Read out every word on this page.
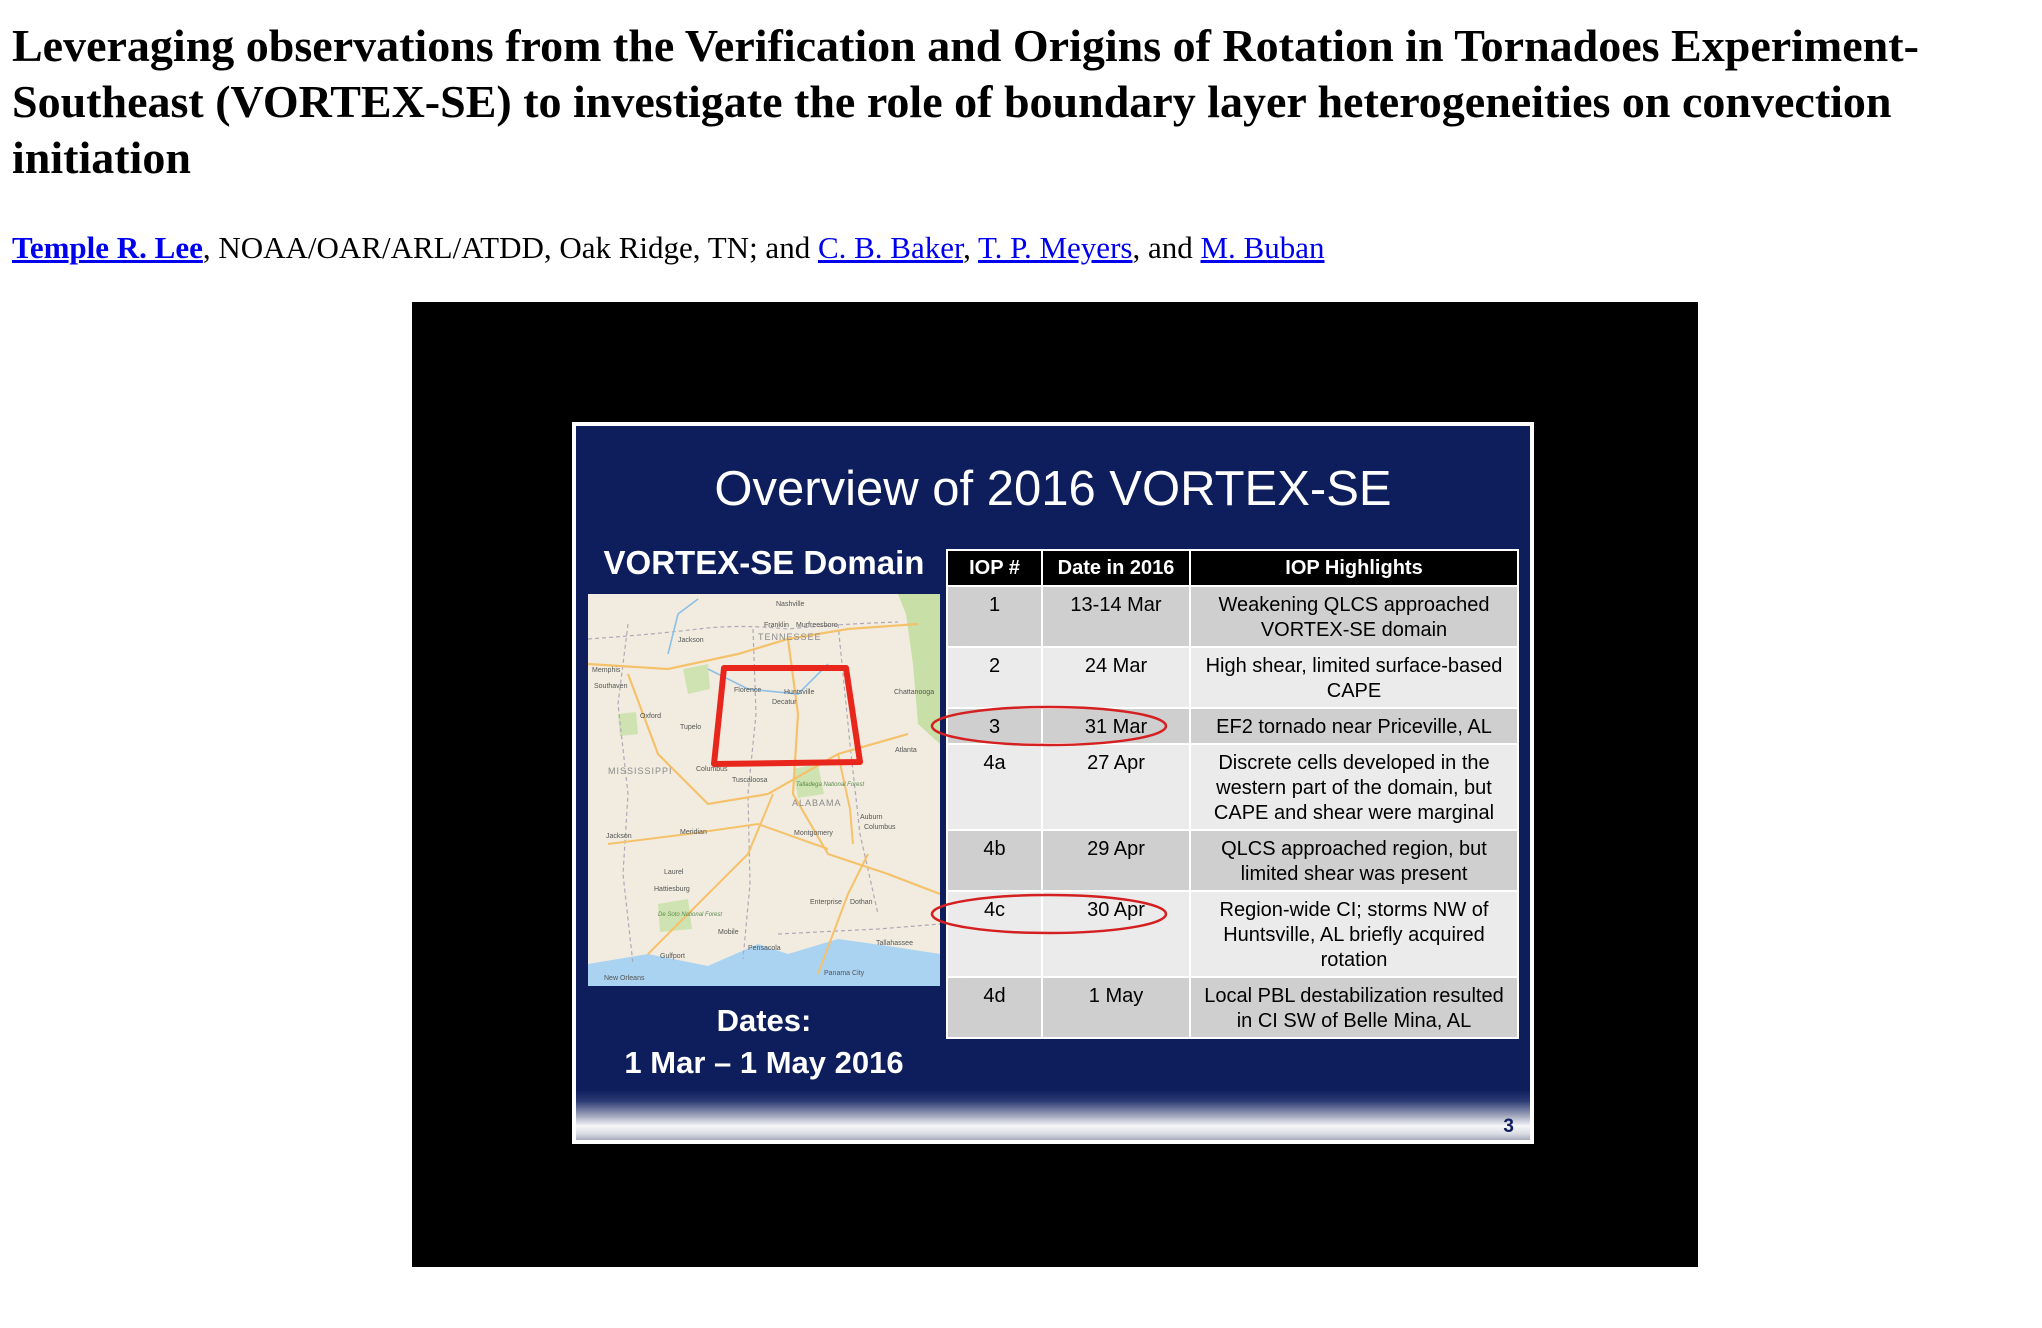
Leveraging observations from the Verification and Origins of Rotation in Tornadoes Experiment-Southeast (VORTEX-SE) to investigate the role of boundary layer heterogeneities on convection initiation
Temple R. Lee, NOAA/OAR/ARL/ATDD, Oak Ridge, TN; and C. B. Baker, T. P. Meyers, and M. Buban
Overview of 2016 VORTEX-SE
VORTEX-SE Domain
Nashville
Franklin Murfreesboro
TENNESSEE
Jackson
Memphis
Southaven
Florence	Huntsville
Decatur
Chattanooga
Tupelo
Oxford
MISSISSIPPI	Columbus
Tuscaloosa
Atlanta
ALABAMA
Jackson
Meridian	Montgomery
Columbus
Auburn
Talladega National Forest
Laurel
Hattiesburg
Dothan
Enterprise
De Soto National Forest
Mobile
Pensacola
Tallahassee
Gulfport
New Orleans
Panama City
Dates:
1 Mar – 1 May 2016
IOP #	Date in 2016	IOP Highlights
1	13-14 Mar	Weakening QLCS approached VORTEX-SE domain
2	24 Mar	High shear, limited surface-based CAPE
3	31 Mar	EF2 tornado near Priceville, AL
4a	27 Apr	Discrete cells developed in the western part of the domain, but CAPE and shear were marginal
4b	29 Apr	QLCS approached region, but limited shear was present
4c	30 Apr	Region-wide CI; storms NW of Huntsville, AL briefly acquired rotation
4d	1 May	Local PBL destabilization resulted in CI SW of Belle Mina, AL
3
